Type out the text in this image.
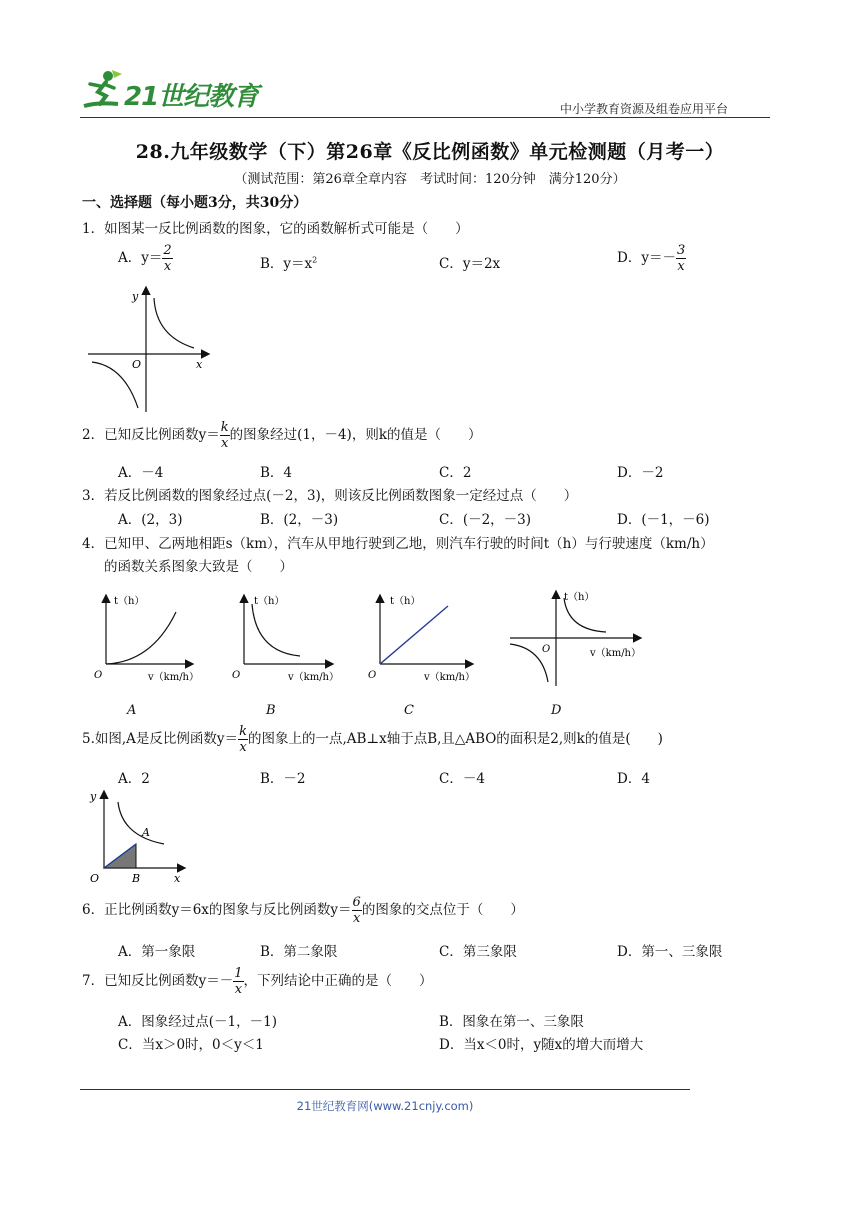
21世纪教育	中小学教育资源及组卷应用平台
28.九年级数学（下）第26章《反比例函数》单元检测题（月考一）
（测试范围：第26章全章内容　考试时间：120分钟　满分120分）
一、选择题（每小题3分，共30分）
1．如图某一反比例函数的图象，它的函数解析式可能是（　　）
A．$y= \frac{2}{x}$	B．$y=x^2$	C．y＝2x	D．$y=- \frac{3}{x}$
y
x
O
2．已知反比例函数$y= \frac{k}{x}$ 的图象经过(1，－4)，则k的值是（　　）
A．－4	B．4	C．2	D．－2
3．若反比例函数的图象经过点(－2，3)，则该反比例函数图象一定经过点（　　）
A．(2，3)	B．(2，－3)	C．(－2，－3)	D．(－1，－6)
4．已知甲、乙两地相距s（km），汽车从甲地行驶到乙地，则汽车行驶的时间t（h）与行驶速度（km/h）
的函数关系图象大致是（　　）
t（h）
O	v（km/h）
t（h）
O	v（km/h）
t（h）
O	v（km/h）
t（h）
O	v（km/h）
A	B	C	D
5.如图,A是反比例函数$y= \frac{k}{x}$ 的图象上的一点,AB⊥x轴于点B,且△ABO的面积是2,则k的值是(　　)
A．2	B．－2	C．－4	D．4
y
x
O
A
B
6．正比例函数y＝6x的图象与反比例函数$y= \frac{6}{x}$ 的图象的交点位于（　　）
A．第一象限	B．第二象限	C．第三象限	D．第一、三象限
7．已知反比例函数$y=- \frac{1}{x}$ ，下列结论中正确的是（　　）
A．图象经过点(－1，－1)	B．图象在第一、三象限
C．当x＞0时，0＜y＜1	D．当x＜0时，y随x的增大而增大
21世纪教育网(www.21cnjy.com)
